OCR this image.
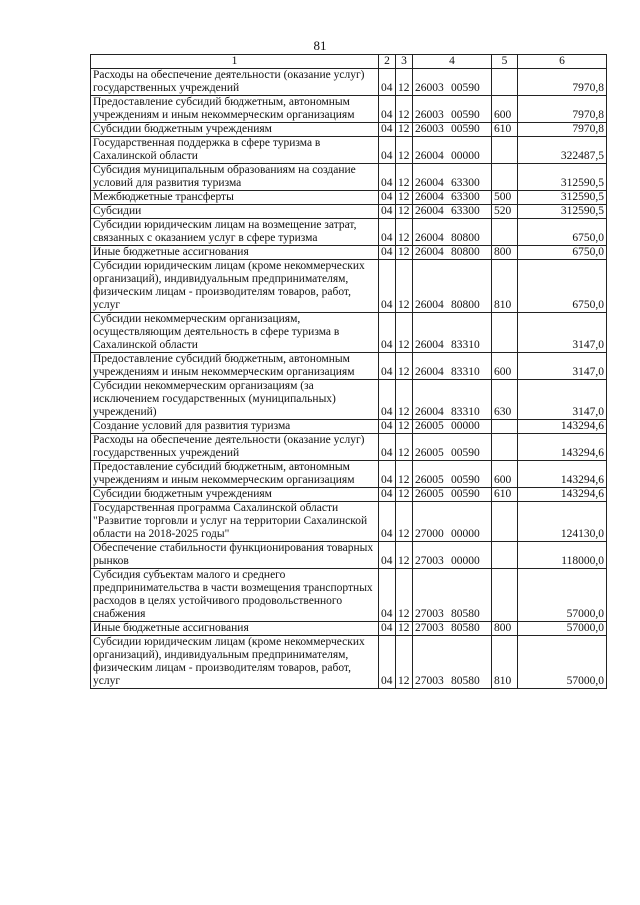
81
1	2	3	4	5	6
Расходы на обеспечение деятельности (оказание услуг) государственных учреждений	04	12	26003 00590		7970,8
Предоставление субсидий бюджетным, автономным учреждениям и иным некоммерческим организациям	04	12	26003 00590	600	7970,8
Субсидии бюджетным учреждениям	04	12	26003 00590	610	7970,8
Государственная поддержка в сфере туризма в Сахалинской области	04	12	26004 00000		322487,5
Субсидия муниципальным образованиям на создание условий для развития туризма	04	12	26004 63300		312590,5
Межбюджетные трансферты	04	12	26004 63300	500	312590,5
Субсидии	04	12	26004 63300	520	312590,5
Субсидии юридическим лицам на возмещение затрат, связанных с оказанием услуг в сфере туризма	04	12	26004 80800		6750,0
Иные бюджетные ассигнования	04	12	26004 80800	800	6750,0
Субсидии юридическим лицам (кроме некоммерческих организаций), индивидуальным предпринимателям, физическим лицам - производителям товаров, работ, услуг	04	12	26004 80800	810	6750,0
Субсидии некоммерческим организациям, осуществляющим деятельность в сфере туризма в Сахалинской области	04	12	26004 83310		3147,0
Предоставление субсидий бюджетным, автономным учреждениям и иным некоммерческим организациям	04	12	26004 83310	600	3147,0
Субсидии некоммерческим организациям (за исключением государственных (муниципальных) учреждений)	04	12	26004 83310	630	3147,0
Создание условий для развития туризма	04	12	26005 00000		143294,6
Расходы на обеспечение деятельности (оказание услуг) государственных учреждений	04	12	26005 00590		143294,6
Предоставление субсидий бюджетным, автономным учреждениям и иным некоммерческим организациям	04	12	26005 00590	600	143294,6
Субсидии бюджетным учреждениям	04	12	26005 00590	610	143294,6
Государственная программа Сахалинской области "Развитие торговли и услуг на территории Сахалинской области на 2018-2025 годы"	04	12	27000 00000		124130,0
Обеспечение стабильности функционирования товарных рынков	04	12	27003 00000		118000,0
Субсидия субъектам малого и среднего предпринимательства в части возмещения транспортных расходов в целях устойчивого продовольственного снабжения	04	12	27003 80580		57000,0
Иные бюджетные ассигнования	04	12	27003 80580	800	57000,0
Субсидии юридическим лицам (кроме некоммерческих организаций), индивидуальным предпринимателям, физическим лицам - производителям товаров, работ, услуг	04	12	27003 80580	810	57000,0
